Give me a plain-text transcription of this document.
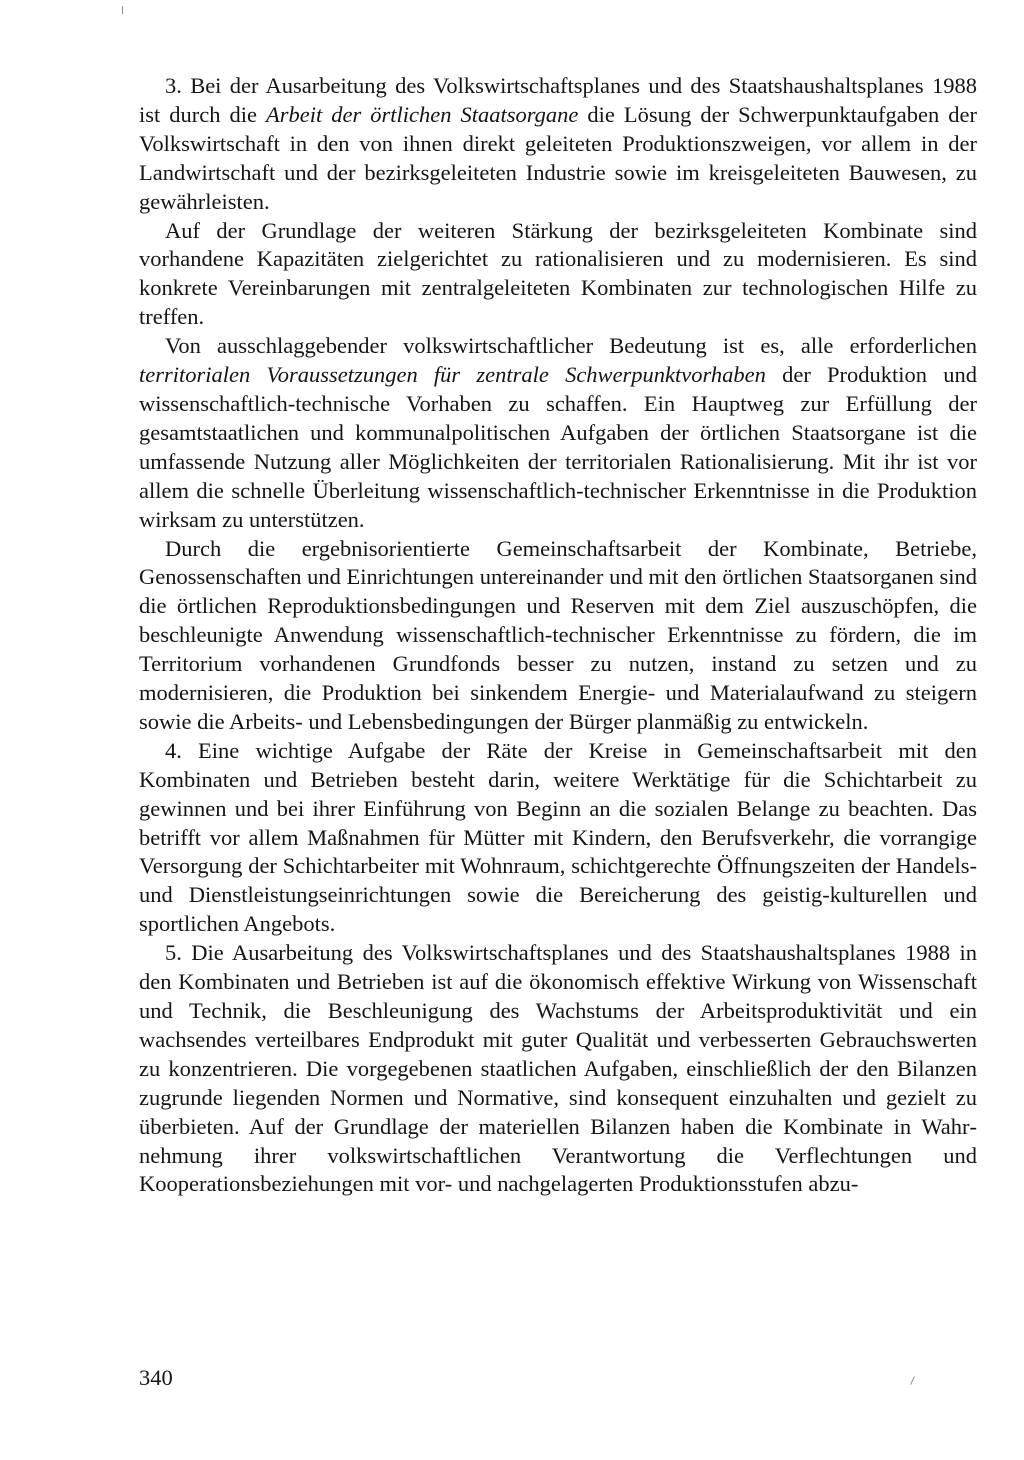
3. Bei der Ausarbeitung des Volkswirtschaftsplanes und des Staatshaushaltsplanes 1988 ist durch die Arbeit der örtlichen Staatsorgane die Lösung der Schwerpunktaufgaben der Volkswirtschaft in den von ihnen direkt geleiteten Produktionszweigen, vor allem in der Landwirtschaft und der bezirksgeleiteten Industrie sowie im kreisgeleiteten Bauwesen, zu gewährleisten.

Auf der Grundlage der weiteren Stärkung der bezirksgeleiteten Kombinate sind vorhandene Kapazitäten zielgerichtet zu rationalisieren und zu modernisieren. Es sind konkrete Vereinbarungen mit zentralgeleiteten Kombinaten zur technologischen Hilfe zu treffen.

Von ausschlaggebender volkswirtschaftlicher Bedeutung ist es, alle erforderlichen territorialen Voraussetzungen für zentrale Schwerpunktvorhaben der Produktion und wissenschaftlich-technische Vorhaben zu schaffen. Ein Hauptweg zur Erfüllung der gesamtstaatlichen und kommunalpolitischen Aufgaben der örtlichen Staatsorgane ist die umfassende Nutzung aller Möglichkeiten der territorialen Rationalisierung. Mit ihr ist vor allem die schnelle Überleitung wissenschaftlich-technischer Erkenntnisse in die Produktion wirksam zu unterstützen.

Durch die ergebnisorientierte Gemeinschaftsarbeit der Kombinate, Betriebe, Genossenschaften und Einrichtungen untereinander und mit den örtlichen Staatsorganen sind die örtlichen Reproduktionsbedingungen und Reserven mit dem Ziel auszuschöpfen, die beschleunigte Anwendung wissenschaftlich-technischer Erkenntnisse zu fördern, die im Territorium vorhandenen Grundfonds besser zu nutzen, instand zu setzen und zu modernisieren, die Produktion bei sinkendem Energie- und Materialaufwand zu steigern sowie die Arbeits- und Lebensbedingungen der Bürger planmäßig zu entwickeln.

4. Eine wichtige Aufgabe der Räte der Kreise in Gemeinschaftsarbeit mit den Kombinaten und Betrieben besteht darin, weitere Werktätige für die Schichtarbeit zu gewinnen und bei ihrer Einführung von Beginn an die sozialen Belange zu beachten. Das betrifft vor allem Maßnahmen für Mütter mit Kindern, den Berufsverkehr, die vorrangige Versorgung der Schichtarbeiter mit Wohnraum, schichtgerechte Öffnungszeiten der Handels- und Dienstleistungseinrichtungen sowie die Bereicherung des geistig-kulturellen und sportlichen Angebots.

5. Die Ausarbeitung des Volkswirtschaftsplanes und des Staatshaushaltsplanes 1988 in den Kombinaten und Betrieben ist auf die ökonomisch effektive Wirkung von Wissenschaft und Technik, die Beschleunigung des Wachstums der Arbeitsproduktivität und ein wachsendes verteilbares Endprodukt mit guter Qualität und verbesserten Gebrauchswerten zu konzentrieren. Die vorgegebenen staatlichen Aufgaben, einschließlich der den Bilanzen zugrunde liegenden Normen und Normative, sind konsequent einzuhalten und gezielt zu überbieten. Auf der Grundlage der materiellen Bilanzen haben die Kombinate in Wahrnehmung ihrer volkswirtschaftlichen Verantwortung die Verflechtungen und Kooperationsbeziehungen mit vor- und nachgelagerten Produktionsstufen abzu-

340
